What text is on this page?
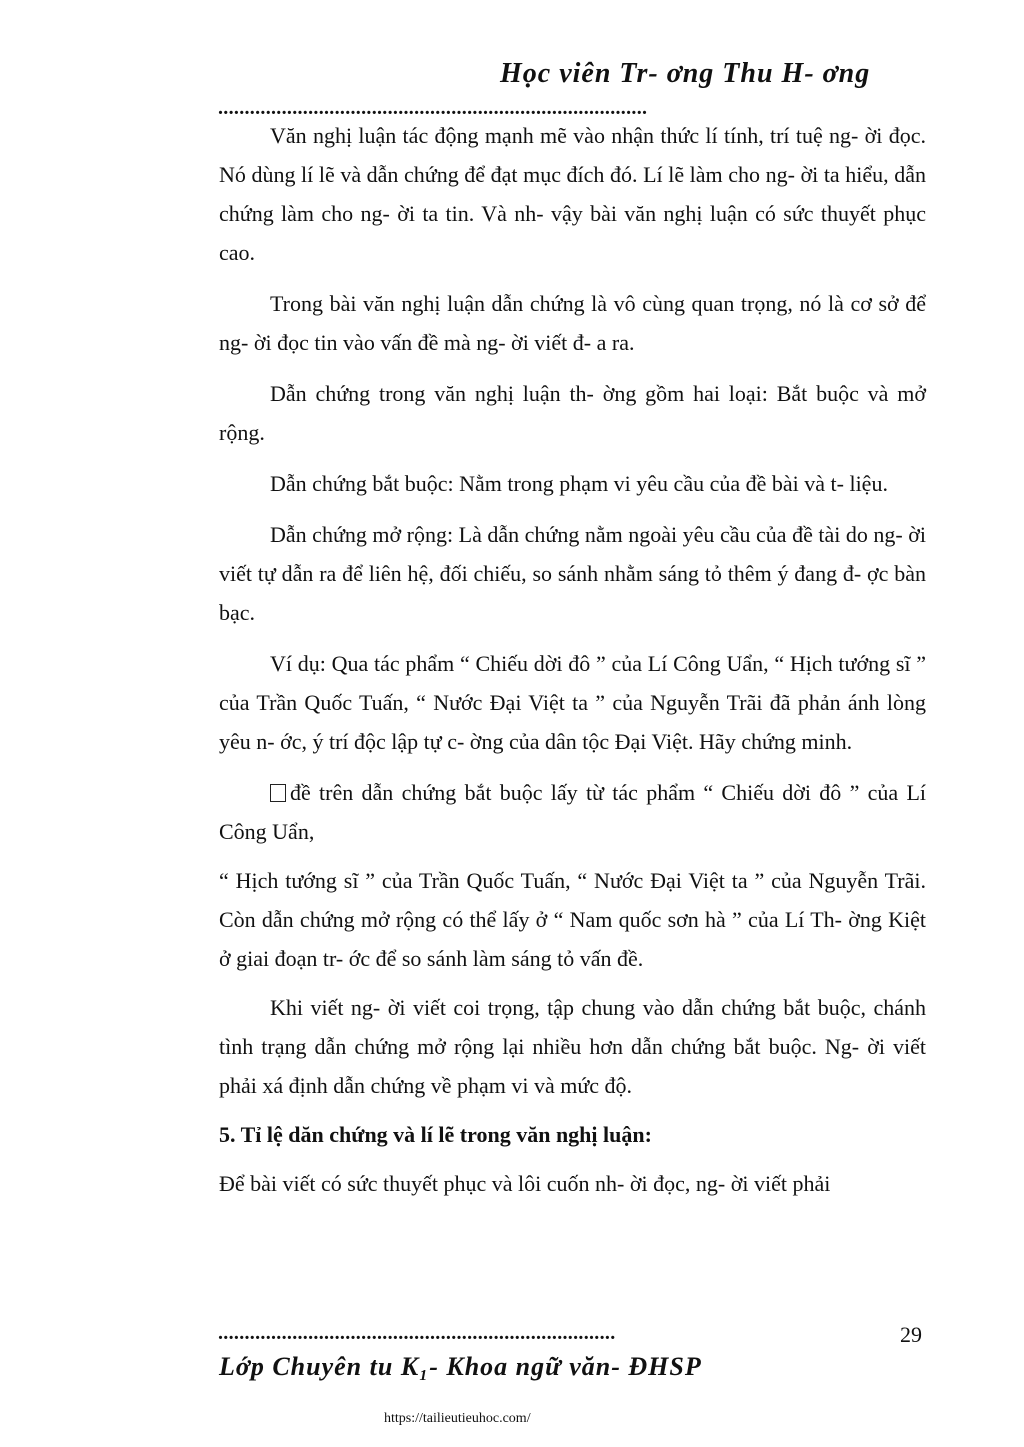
Học viên Tr- ơng Thu H- ơng
.................................................................................

Văn nghị luận tác động mạnh mẽ vào nhận thức lí tính, trí tuệ ng- ời đọc. Nó dùng lí lẽ và dẫn chứng để đạt mục đích đó. Lí lẽ làm cho ng- ời ta hiểu, dẫn chứng làm cho ng- ời ta tin. Và nh- vậy bài văn nghị luận có sức thuyết phục cao.

Trong bài văn nghị luận dẫn chứng là vô cùng quan trọng, nó là cơ sở để ng- ời đọc tin vào vấn đề mà ng- ời viết đ- a ra.

Dẫn chứng trong văn nghị luận th- ờng gồm hai loại: Bắt buộc và mở rộng.

Dẫn chứng bắt buộc: Nằm trong phạm vi yêu cầu của đề bài và t- liệu.

Dẫn chứng mở rộng: Là dẫn chứng nằm ngoài yêu cầu của đề tài do ng- ời viết tự dẫn ra để liên hệ, đối chiếu, so sánh nhằm sáng tỏ thêm ý đang đ- ợc bàn bạc.

Ví dụ: Qua tác phẩm “ Chiếu dời đô ” của Lí Công Uẩn, “ Hịch tướng sĩ ” của Trần Quốc Tuấn, “ Nước Đại Việt ta ” của Nguyễn Trãi đã phản ánh lòng yêu n- ớc, ý trí độc lập tự c- ờng của dân tộc Đại Việt. Hãy chứng minh.

đề trên dẫn chứng bắt buộc lấy từ tác phẩm “ Chiếu dời đô ” của Lí Công Uẩn,

“ Hịch tướng sĩ ” của Trần Quốc Tuấn, “ Nước Đại Việt ta ” của Nguyễn Trãi. Còn dẫn chứng mở rộng có thể lấy ở “ Nam quốc sơn hà ” của Lí Th- ờng Kiệt ở giai đoạn tr- ớc để so sánh làm sáng tỏ vấn đề.

Khi viết ng- ời viết coi trọng, tập chung vào dẫn chứng bắt buộc, chánh tình trạng dẫn chứng mở rộng lại nhiều hơn dẫn chứng bắt buộc. Ng- ời viết phải xá định dẫn chứng về phạm vi và mức độ.

5. Tỉ lệ dăn chứng và lí lẽ trong văn nghị luận:

Để bài viết có sức thuyết phục và lôi cuốn nh- ời đọc, ng- ời viết phải

...........................................................................	29
Lớp Chuyên tu K₁- Khoa ngữ văn- ĐHSP
https://tailieutieuhoc.com/
